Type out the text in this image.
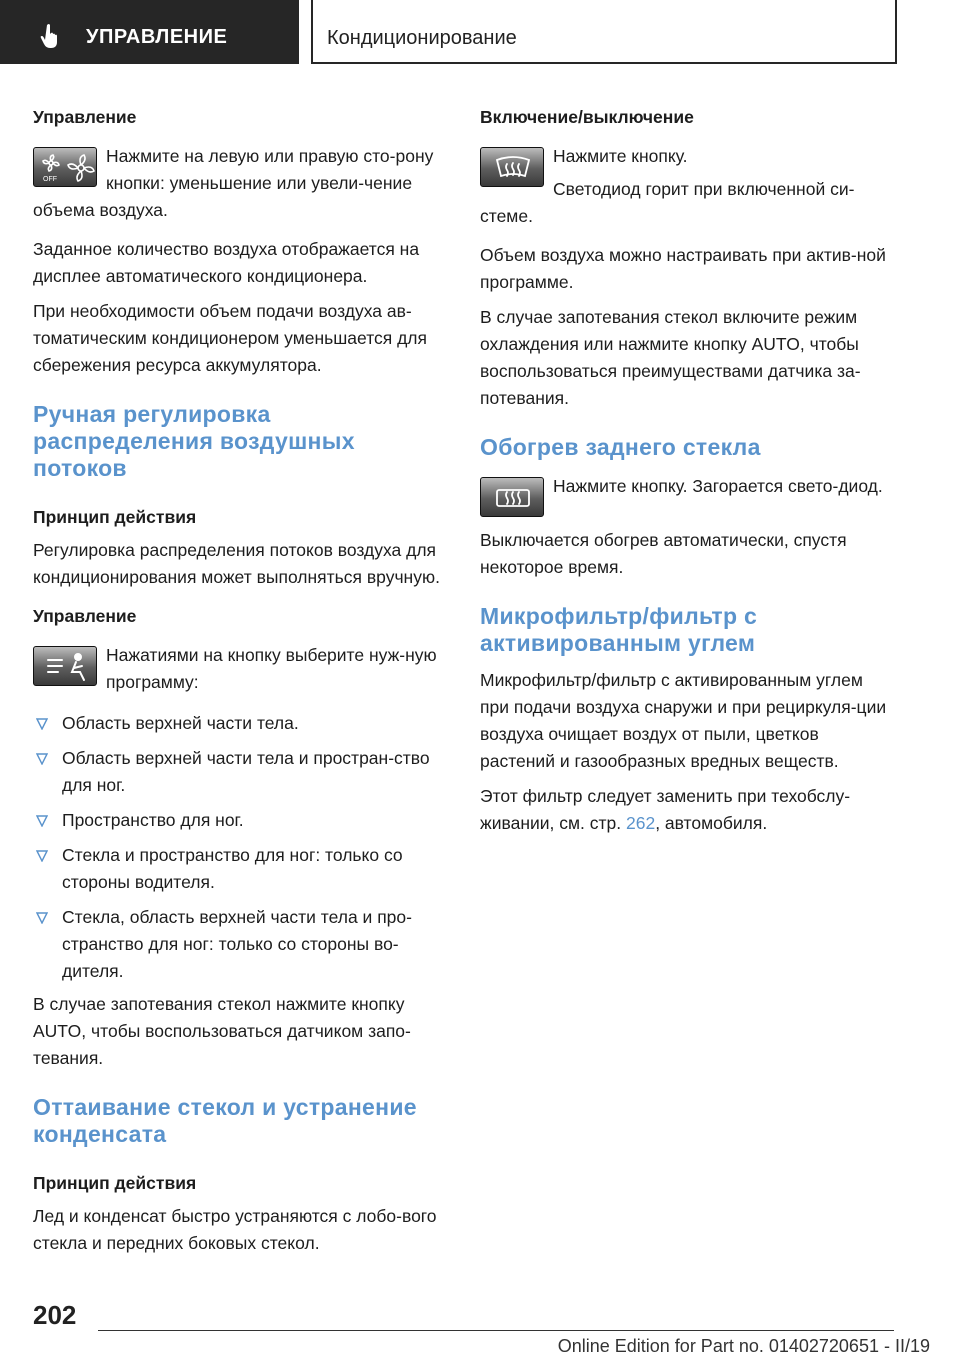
УПРАВЛЕНИЕ	Кондиционирование
Управление
OFF

Нажмите на левую или правую сто-рону кнопки: уменьшение или увели-чение объема воздуха.

Заданное количество воздуха отображается на дисплее автоматического кондиционера.

При необходимости объем подачи воздуха ав-томатическим кондиционером уменьшается для сбережения ресурса аккумулятора.

Ручная регулировка распределения воздушных потоков
Принцип действия

Регулировка распределения потоков воздуха для кондиционирования может выполняться вручную.

Управление

Нажатиями на кнопку выберите нуж-ную программу:

Область верхней части тела.
Область верхней части тела и простран-ство для ног.
Пространство для ног.
Стекла и пространство для ног: только со стороны водителя.
Стекла, область верхней части тела и про-странство для ног: только со стороны во-дителя.

В случае запотевания стекол нажмите кнопку AUTO, чтобы воспользоваться датчиком запо-тевания.

Оттаивание стекол и устранение конденсата
Принцип действия

Лед и конденсат быстро устраняются с лобо-вого стекла и передних боковых стекол.

Включение/выключение

Нажмите кнопку.

Светодиод горит при включенной си-стеме.

Объем воздуха можно настраивать при актив-ной программе.

В случае запотевания стекол включите режим охлаждения или нажмите кнопку AUTO, чтобы воспользоваться преимуществами датчика за-потевания.

Обогрев заднего стекла

Нажмите кнопку. Загорается свето-диод.

Выключается обогрев автоматически, спустя некоторое время.

Микрофильтр/фильтр с активированным углем

Микрофильтр/фильтр с активированным углем при подачи воздуха снаружи и при рециркуля-ции воздуха очищает воздух от пыли, цветков растений и газообразных вредных веществ.

Этот фильтр следует заменить при техобслу-живании, см. стр. 262, автомобиля.

202
Online Edition for Part no. 01402720651 - II/19
